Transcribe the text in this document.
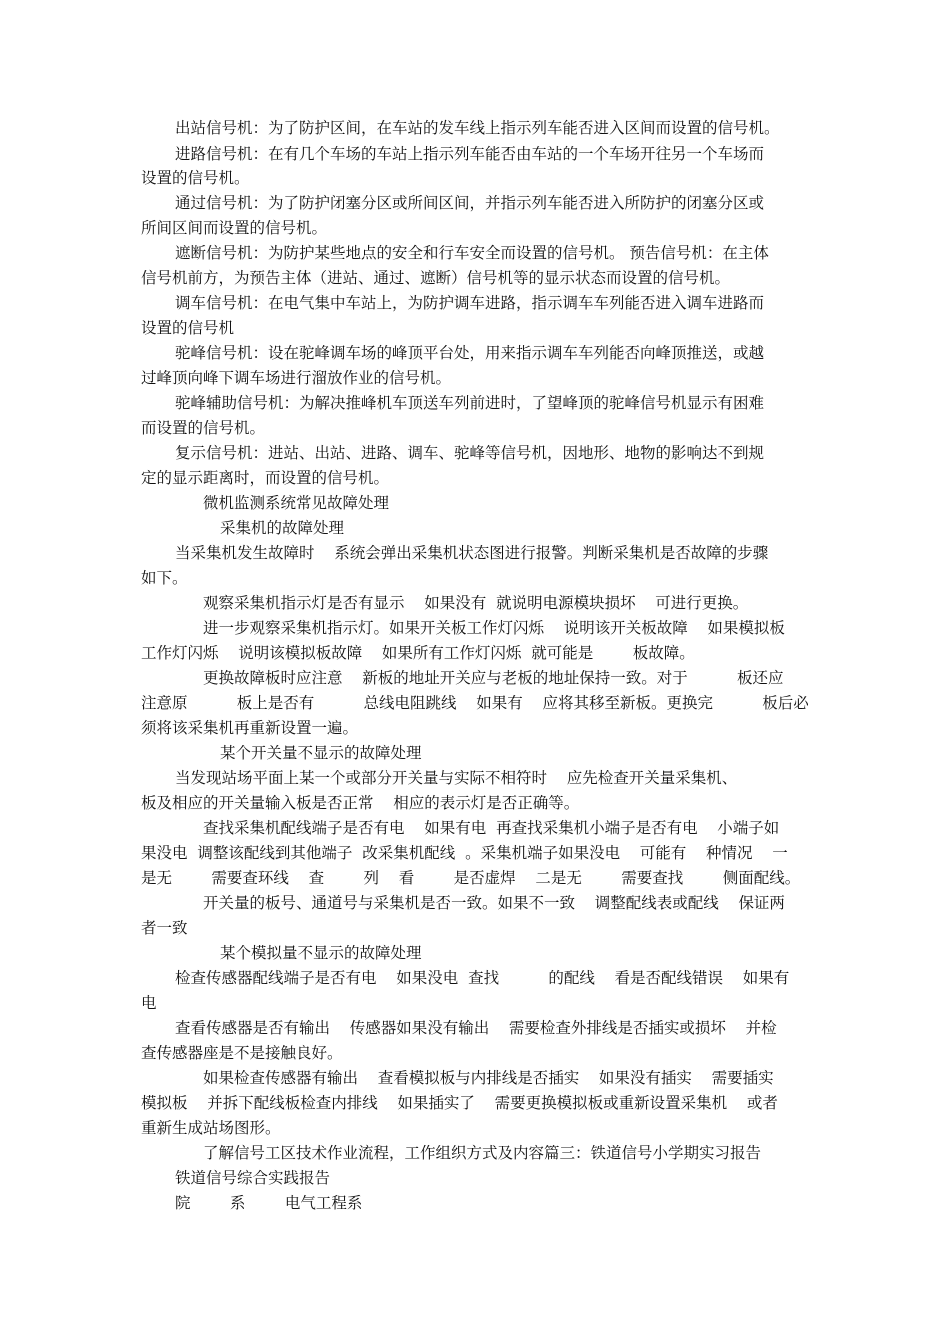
出站信号机：为了防护区间，在车站的发车线上指示列车能否进入区间而设置的信号机。
进路信号机：在有几个车场的车站上指示列车能否由车站的一个车场开往另一个车场而
设置的信号机。
通过信号机：为了防护闭塞分区或所间区间，并指示列车能否进入所防护的闭塞分区或
所间区间而设置的信号机。
遮断信号机：为防护某些地点的安全和行车安全而设置的信号机。 预告信号机：在主体
信号机前方，为预告主体（进站、通过、遮断）信号机等的显示状态而设置的信号机。
调车信号机：在电气集中车站上，为防护调车进路，指示调车车列能否进入调车进路而
设置的信号机
驼峰信号机：设在驼峰调车场的峰顶平台处，用来指示调车车列能否向峰顶推送，或越
过峰顶向峰下调车场进行溜放作业的信号机。
驼峰辅助信号机：为解决推峰机车顶送车列前进时，了望峰顶的驼峰信号机显示有困难
而设置的信号机。
复示信号机：进站、出站、进路、调车、驼峰等信号机，因地形、地物的影响达不到规
定的显示距离时，而设置的信号机。
微机监测系统常见故障处理
采集机的故障处理
当采集机发生故障时    系统会弹出采集机状态图进行报警。判断采集机是否故障的步骤
如下。
观察采集机指示灯是否有显示    如果没有  就说明电源模块损坏    可进行更换。
进一步观察采集机指示灯。如果开关板工作灯闪烁    说明该开关板故障    如果模拟板
工作灯闪烁    说明该模拟板故障    如果所有工作灯闪烁  就可能是        板故障。
更换故障板时应注意    新板的地址开关应与老板的地址保持一致。对于          板还应
注意原          板上是否有          总线电阻跳线    如果有    应将其移至新板。更换完          板后必
须将该采集机再重新设置一遍。
某个开关量不显示的故障处理
当发现站场平面上某一个或部分开关量与实际不相符时    应先检查开关量采集机、
板及相应的开关量输入板是否正常    相应的表示灯是否正确等。
查找采集机配线端子是否有电    如果有电  再查找采集机小端子是否有电    小端子如
果没电  调整该配线到其他端子  改采集机配线  。采集机端子如果没电    可能有    种情况    一
是无        需要查环线    查        列    看        是否虚焊    二是无        需要查找        侧面配线。
开关量的板号、通道号与采集机是否一致。如果不一致    调整配线表或配线    保证两
者一致
某个模拟量不显示的故障处理
检查传感器配线端子是否有电    如果没电  查找          的配线    看是否配线错误    如果有
电
查看传感器是否有输出    传感器如果没有输出    需要检查外排线是否插实或损坏    并检
查传感器座是不是接触良好。
如果检查传感器有输出    查看模拟板与内排线是否插实    如果没有插实    需要插实
模拟板    并拆下配线板检查内排线    如果插实了    需要更换模拟板或重新设置采集机    或者
重新生成站场图形。
了解信号工区技术作业流程，工作组织方式及内容篇三：铁道信号小学期实习报告
铁道信号综合实践报告
院        系        电气工程系
